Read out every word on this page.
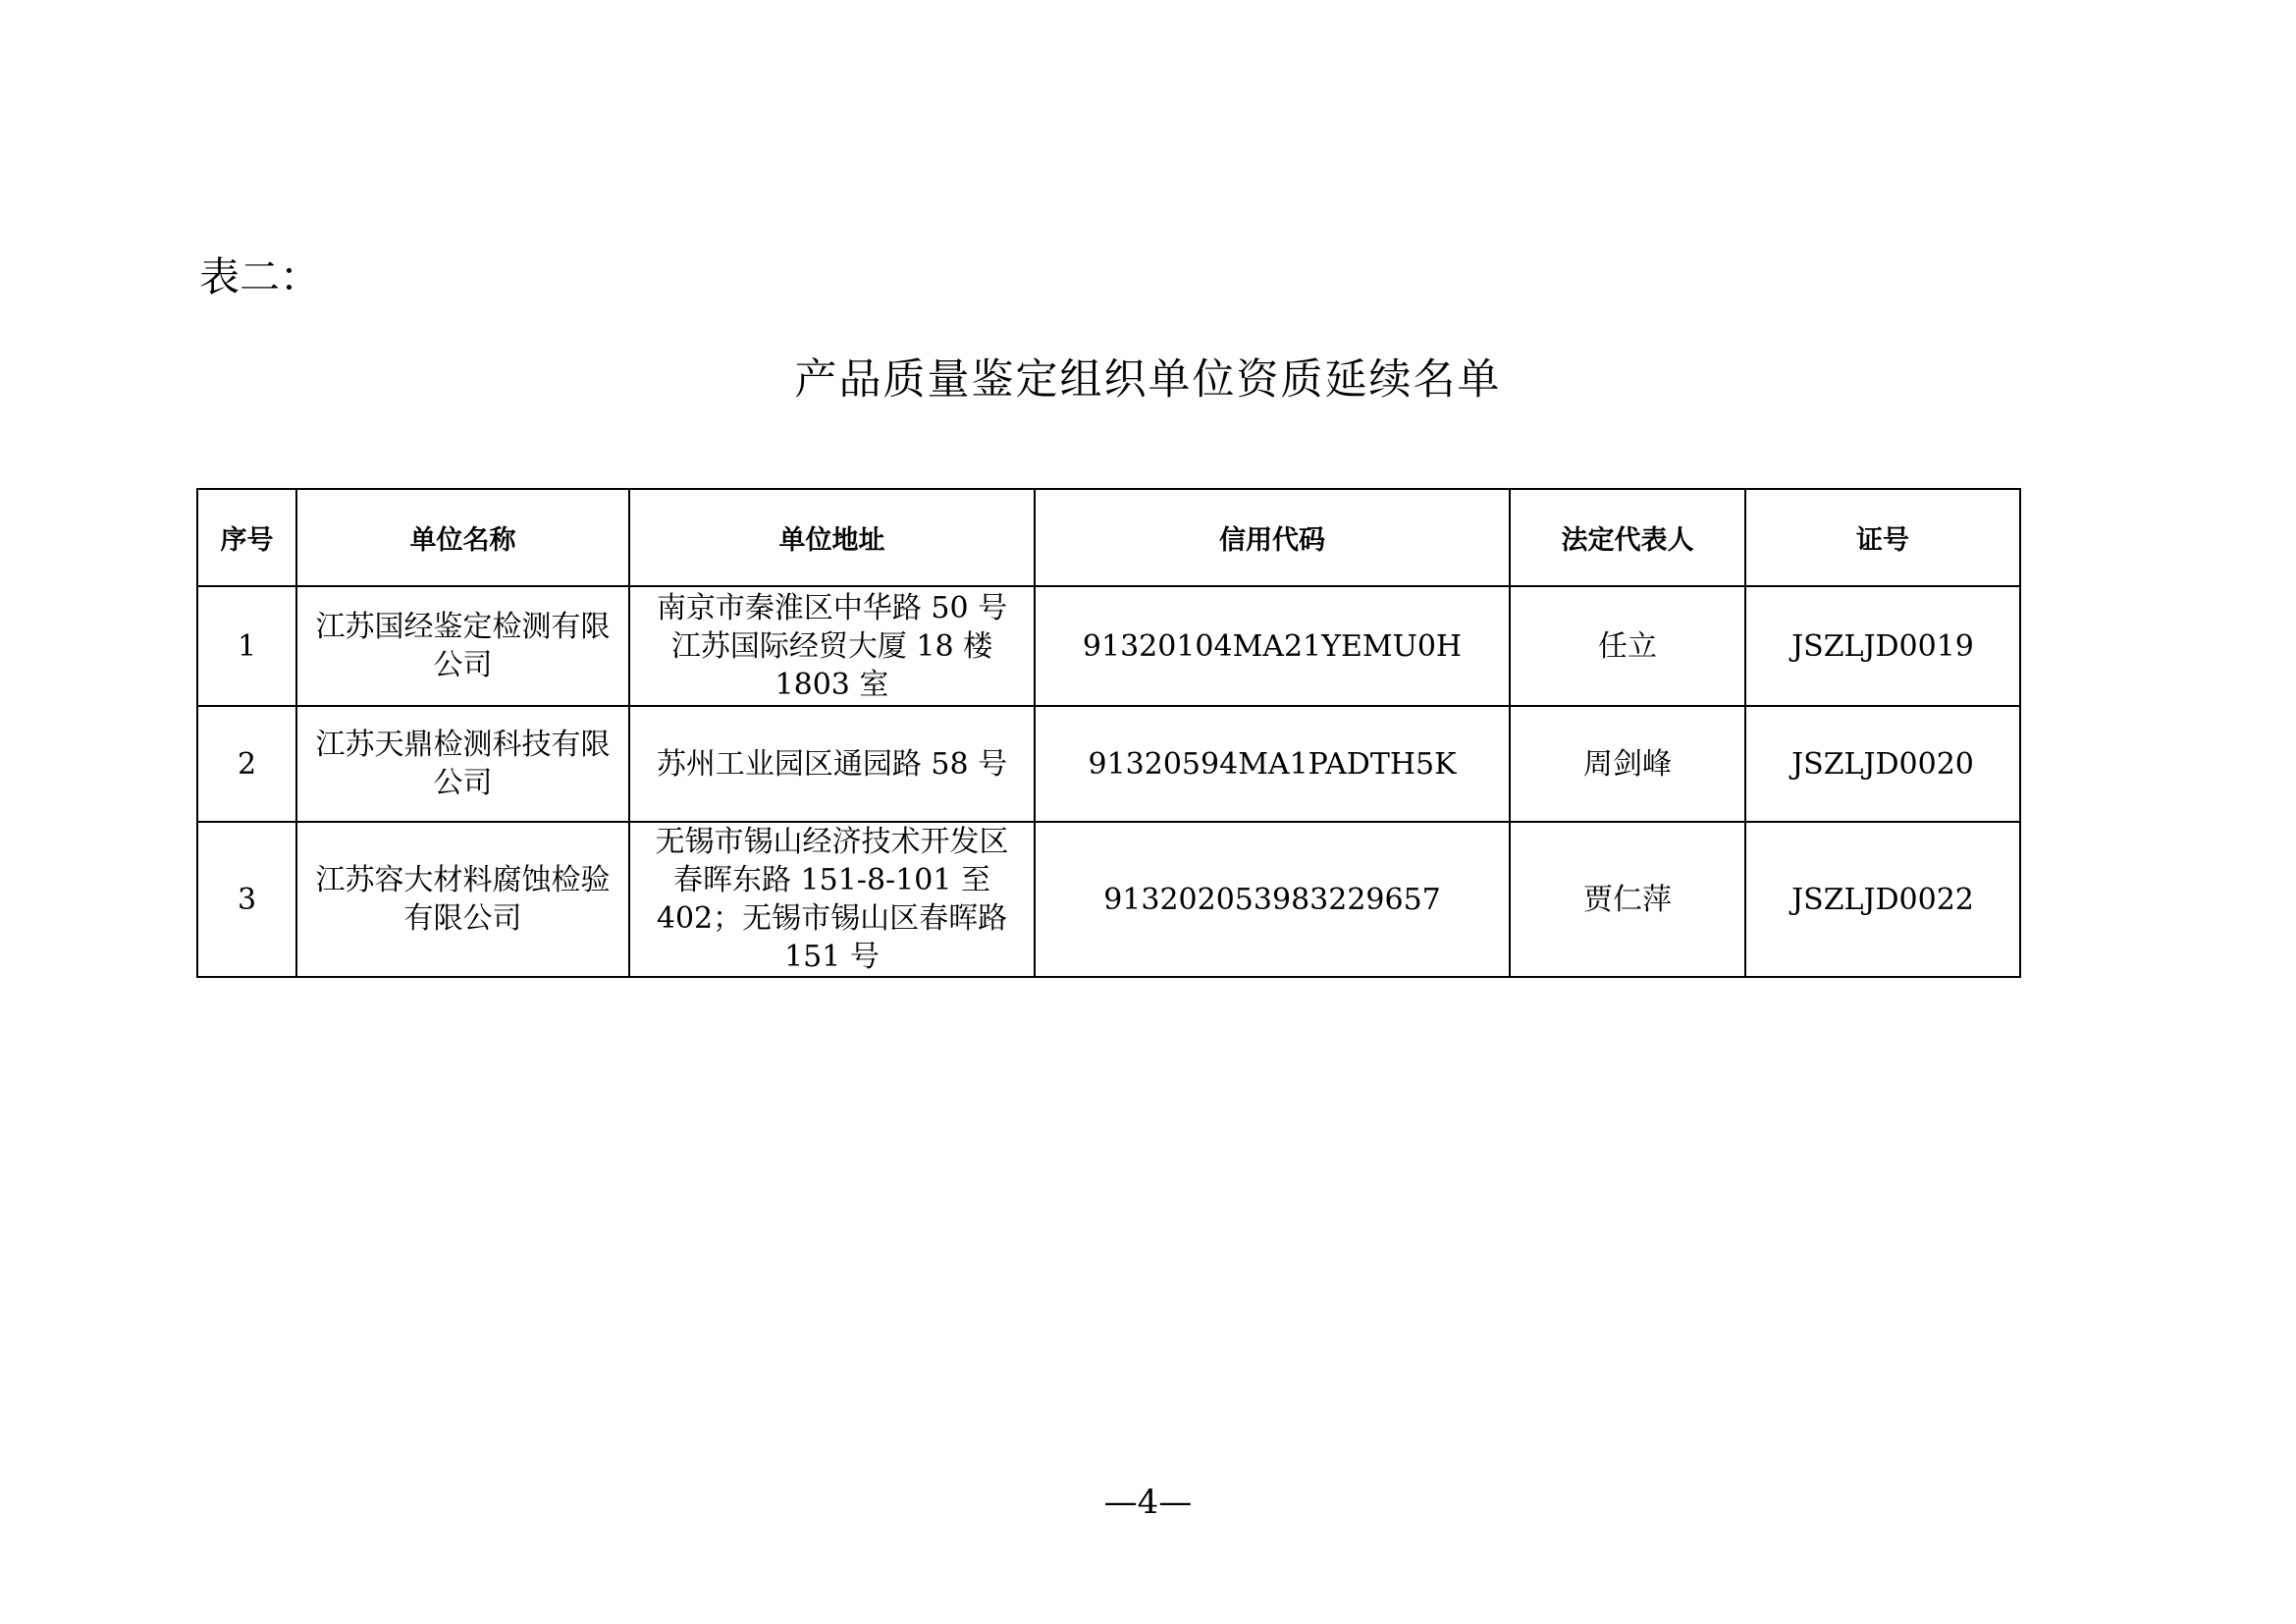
表二：
产品质量鉴定组织单位资质延续名单
序号	单位名称	单位地址	信用代码	法定代表人	证号
1	江苏国经鉴定检测有限公司	南京市秦淮区中华路 50 号江苏国际经贸大厦 18 楼 1803 室	91320104MA21YEMU0H	任立	JSZLJD0019
2	江苏天鼎检测科技有限公司	苏州工业园区通园路 58 号	91320594MA1PADTH5K	周剑峰	JSZLJD0020
3	江苏容大材料腐蚀检验有限公司	无锡市锡山经济技术开发区春晖东路 151-8-101 至 402；无锡市锡山区春晖路 151 号	91320205398322965​7	贾仁萍	JSZLJD0022
—4—
